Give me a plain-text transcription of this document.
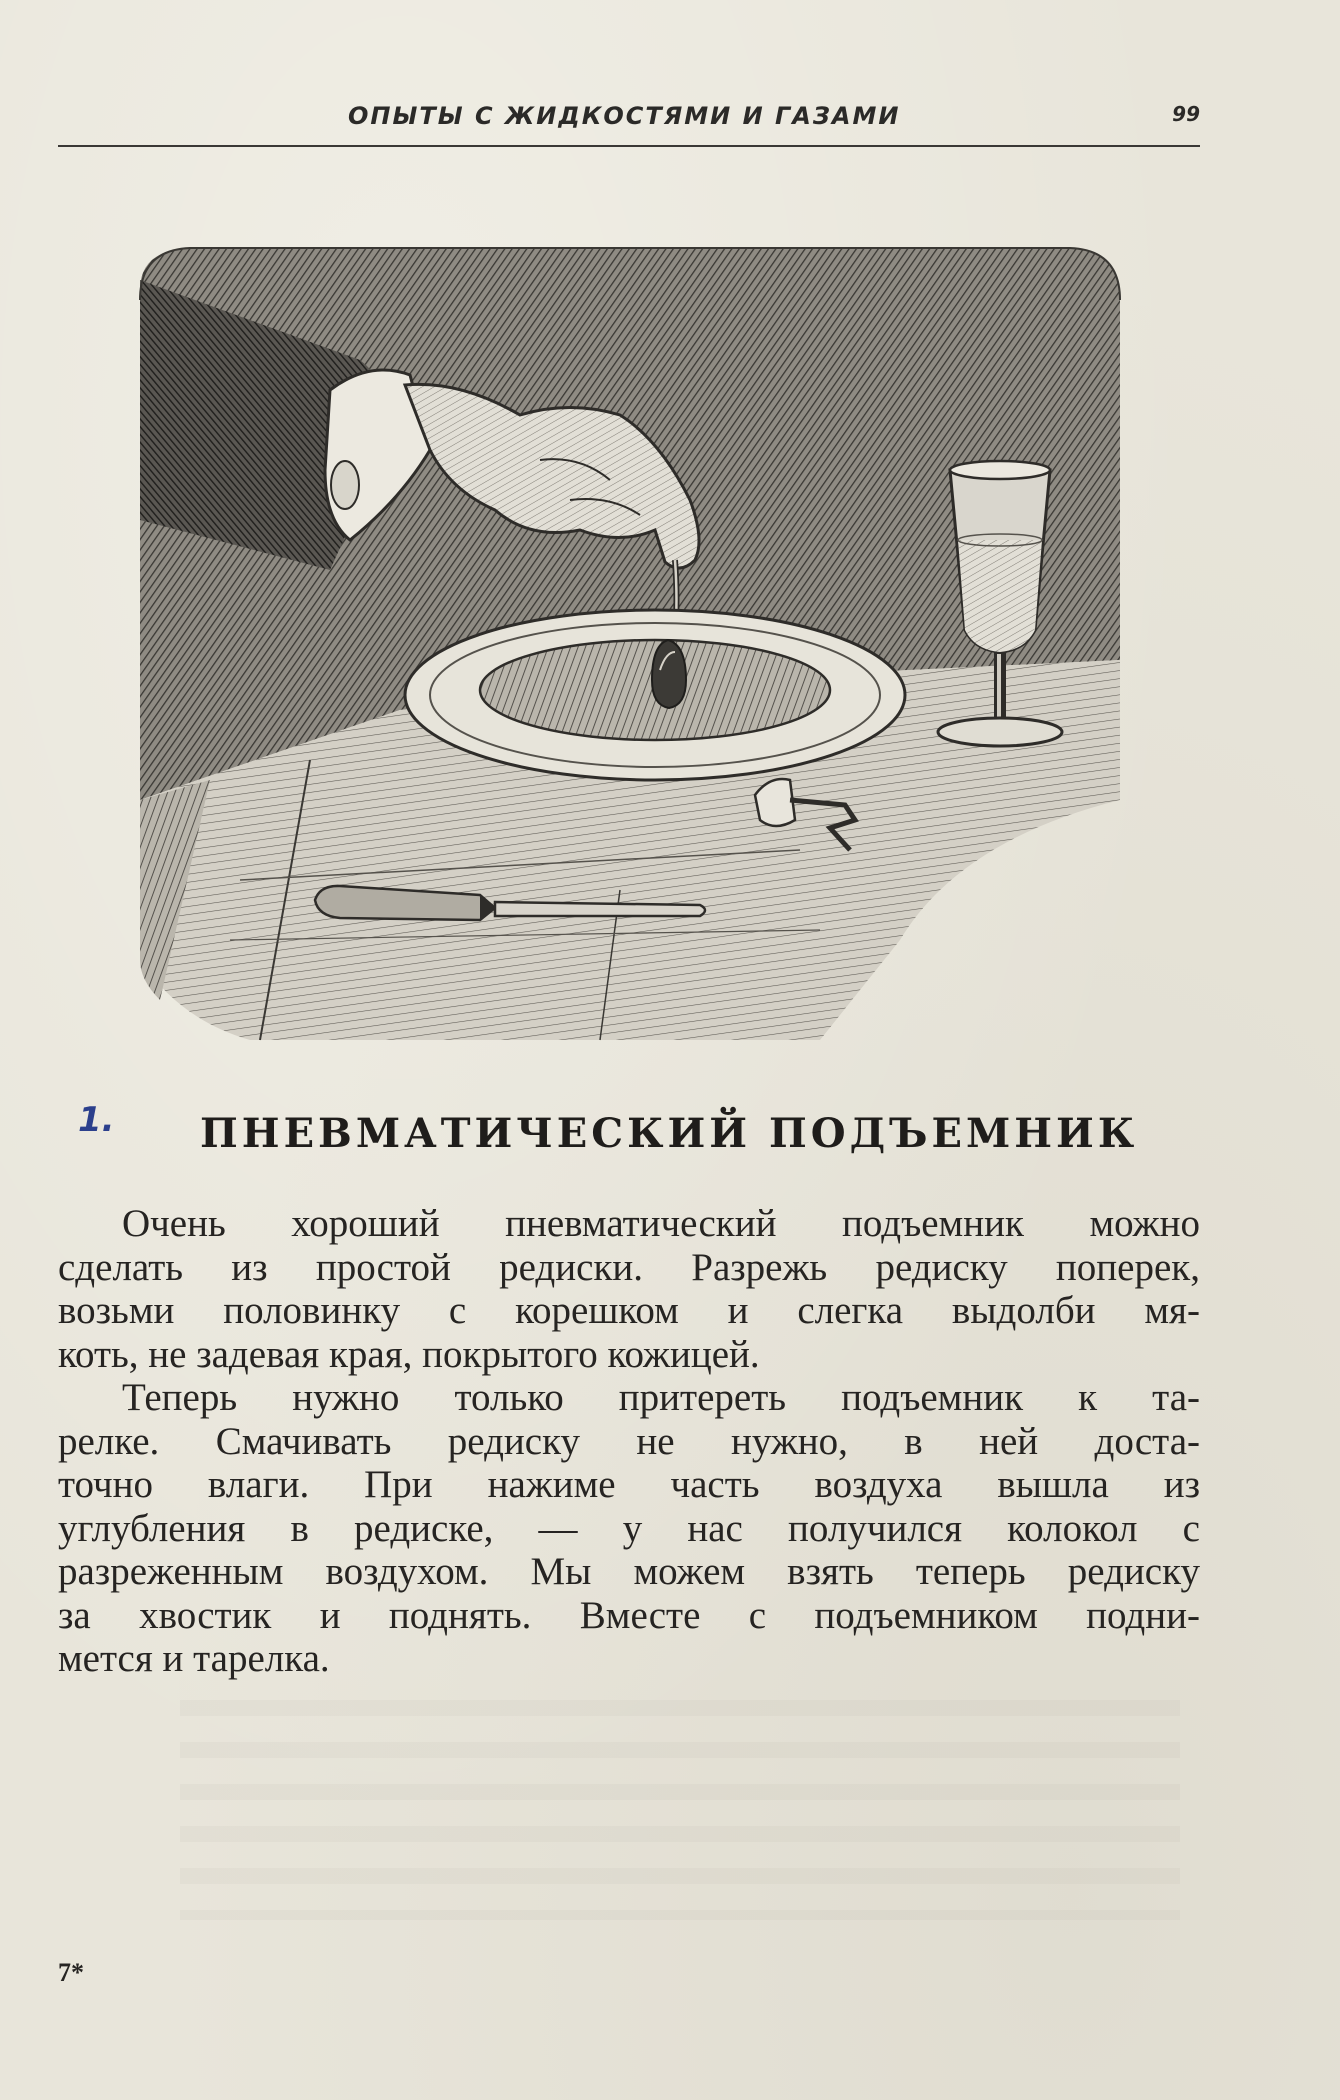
ОПЫТЫ С ЖИДКОСТЯМИ И ГАЗАМИ	99
1. ПНЕВМАТИЧЕСКИЙ ПОДЪЕМНИК
Очень хороший пневматический подъемник можно
сделать из простой редиски. Разрежь редиску поперек,
возьми половинку с корешком и слегка выдолби мя-
коть, не задевая края, покрытого кожицей.
Теперь нужно только притереть подъемник к та-
релке. Смачивать редиску не нужно, в ней доста-
точно влаги. При нажиме часть воздуха вышла из
углубления в редиске, — у нас получился колокол с
разреженным воздухом. Мы можем взять теперь редиску
за хвостик и поднять. Вместе с подъемником подни-
мется и тарелка.
7*
